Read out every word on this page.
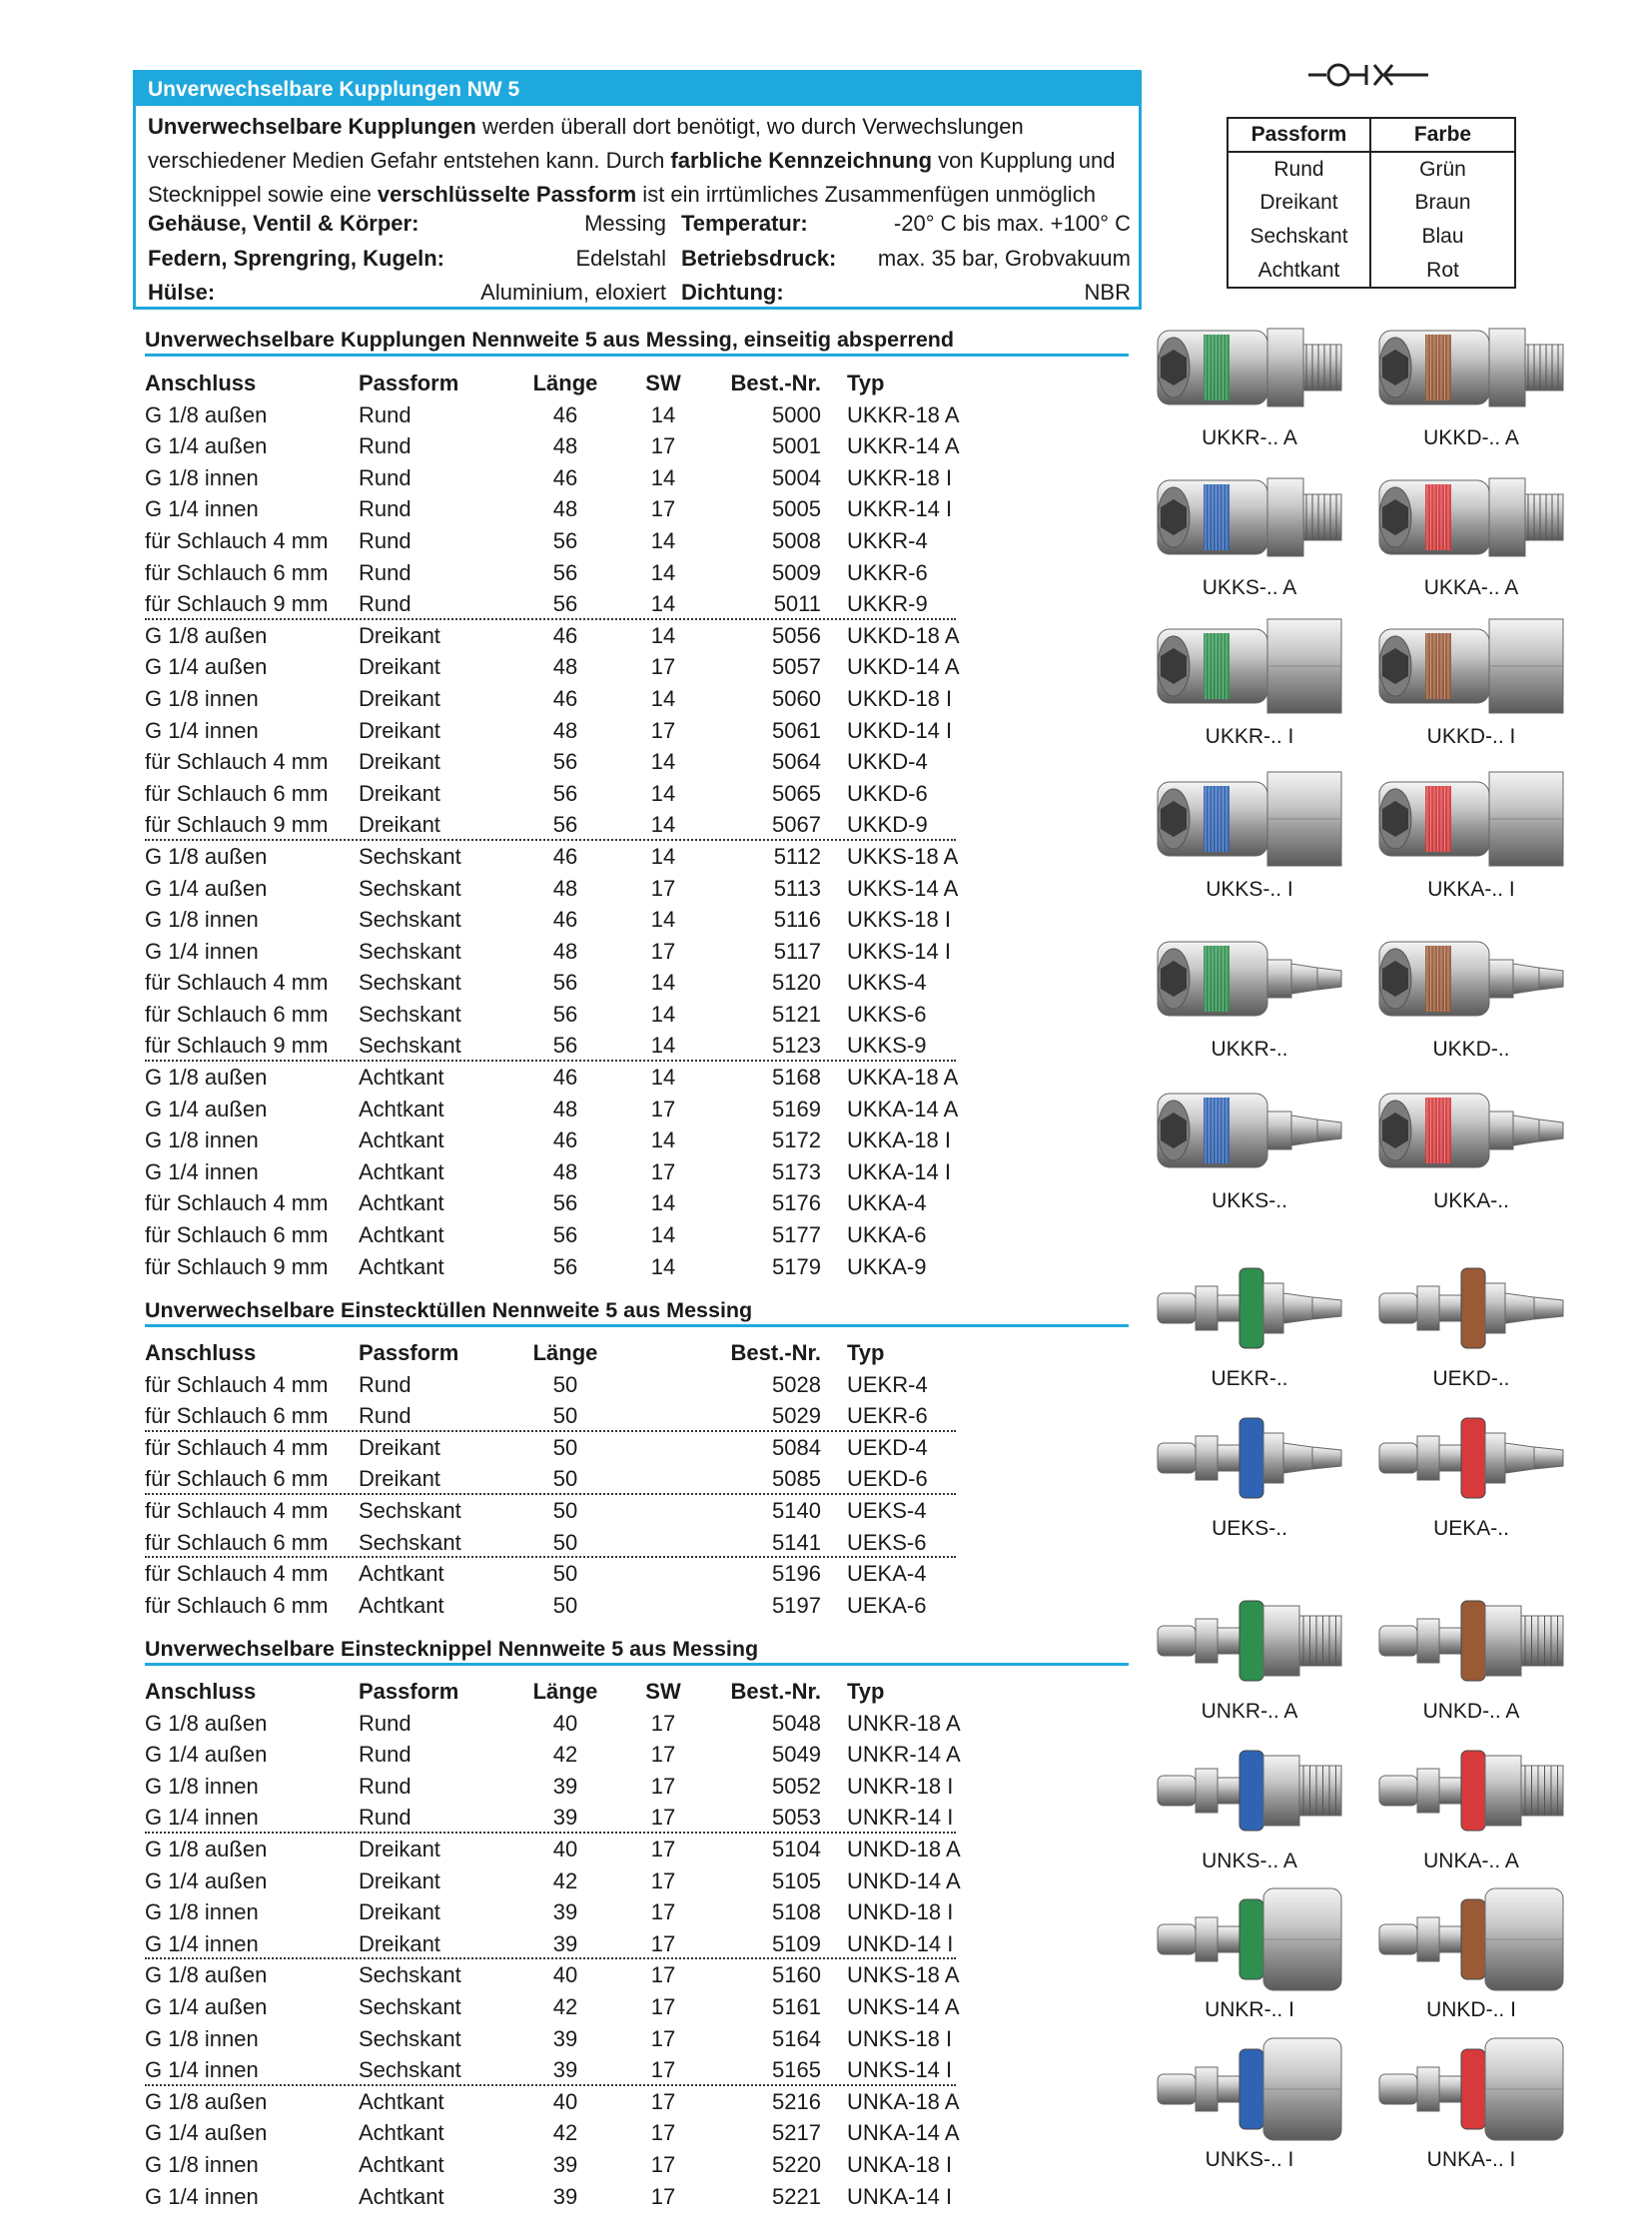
Unverwechselbare Kupplungen NW 5
Unverwechselbare Kupplungen werden überall dort benötigt, wo durch Verwechslungen verschiedener Medien Gefahr entstehen kann. Durch farbliche Kennzeichnung von Kupplung und Stecknippel sowie eine verschlüsselte Passform ist ein irrtümliches Zusammenfügen unmöglich
Gehäuse, Ventil & Körper:	Messing Temperatur:	-20° C bis max. +100° C
Federn, Sprengring, Kugeln:	Edelstahl Betriebsdruck: max. 35 bar, Grobvakuum
Hülse:	Aluminium, eloxiert Dichtung:	NBR
Passform	Farbe
Rund	Grün
Dreikant	Braun
Sechskant	Blau
Achtkant	Rot
Unverwechselbare Kupplungen Nennweite 5 aus Messing, einseitig absperrend
Unverwechselbare Einstecktüllen Nennweite 5 aus Messing
Unverwechselbare Einstecknippel Nennweite 5 aus Messing
Anschluss	Passform	Länge	SW	Best.-Nr. Typ
G 1/8 außen	Rund	46	14	5000 UKKR-18 A
G 1/4 außen	Rund	48	17	5001 UKKR-14 A
G 1/8 innen	Rund	46	14	5004 UKKR-18 I
G 1/4 innen	Rund	48	17	5005 UKKR-14 I
für Schlauch 4 mm Rund	56	14	5008 UKKR-4
für Schlauch 6 mm Rund	56	14	5009 UKKR-6
für Schlauch 9 mm Rund	56	14	5011 UKKR-9
G 1/8 außen	Dreikant	46	14	5056 UKKD-18 A
G 1/4 außen	Dreikant	48	17	5057 UKKD-14 A
G 1/8 innen	Dreikant	46	14	5060 UKKD-18 I
G 1/4 innen	Dreikant	48	17	5061 UKKD-14 I
für Schlauch 4 mm Dreikant	56	14	5064 UKKD-4
für Schlauch 6 mm Dreikant	56	14	5065 UKKD-6
für Schlauch 9 mm Dreikant	56	14	5067 UKKD-9
G 1/8 außen	Sechskant	46	14	5112 UKKS-18 A
G 1/4 außen	Sechskant	48	17	5113 UKKS-14 A
G 1/8 innen	Sechskant	46	14	5116 UKKS-18 I
G 1/4 innen	Sechskant	48	17	5117 UKKS-14 I
für Schlauch 4 mm Sechskant	56	14	5120 UKKS-4
für Schlauch 6 mm Sechskant	56	14	5121 UKKS-6
für Schlauch 9 mm Sechskant	56	14	5123 UKKS-9
G 1/8 außen	Achtkant	46	14	5168 UKKA-18 A
G 1/4 außen	Achtkant	48	17	5169 UKKA-14 A
G 1/8 innen	Achtkant	46	14	5172 UKKA-18 I
G 1/4 innen	Achtkant	48	17	5173 UKKA-14 I
für Schlauch 4 mm Achtkant	56	14	5176 UKKA-4
für Schlauch 6 mm Achtkant	56	14	5177 UKKA-6
für Schlauch 9 mm Achtkant	56	14	5179 UKKA-9
Anschluss	Passform	Länge	Best.-Nr. Typ
für Schlauch 4 mm Rund	50	5028 UEKR-4
für Schlauch 6 mm Rund	50	5029 UEKR-6
für Schlauch 4 mm Dreikant	50	5084 UEKD-4
für Schlauch 6 mm Dreikant	50	5085 UEKD-6
für Schlauch 4 mm Sechskant	50	5140 UEKS-4
für Schlauch 6 mm Sechskant	50	5141 UEKS-6
für Schlauch 4 mm Achtkant	50	5196 UEKA-4
für Schlauch 6 mm Achtkant	50	5197 UEKA-6
Anschluss	Passform	Länge	SW	Best.-Nr. Typ
G 1/8 außen	Rund	40	17	5048 UNKR-18 A
G 1/4 außen	Rund	42	17	5049 UNKR-14 A
G 1/8 innen	Rund	39	17	5052 UNKR-18 I
G 1/4 innen	Rund	39	17	5053 UNKR-14 I
G 1/8 außen	Dreikant	40	17	5104 UNKD-18 A
G 1/4 außen	Dreikant	42	17	5105 UNKD-14 A
G 1/8 innen	Dreikant	39	17	5108 UNKD-18 I
G 1/4 innen	Dreikant	39	17	5109 UNKD-14 I
G 1/8 außen	Sechskant	40	17	5160 UNKS-18 A
G 1/4 außen	Sechskant	42	17	5161 UNKS-14 A
G 1/8 innen	Sechskant	39	17	5164 UNKS-18 I
G 1/4 innen	Sechskant	39	17	5165 UNKS-14 I
G 1/8 außen	Achtkant	40	17	5216 UNKA-18 A
G 1/4 außen	Achtkant	42	17	5217 UNKA-14 A
G 1/8 innen	Achtkant	39	17	5220 UNKA-18 I
G 1/4 innen	Achtkant	39	17	5221 UNKA-14 I
UKKR-.. A	UKKD-.. A
UKKS-.. A	UKKA-.. A
UKKR-.. I	UKKD-.. I
UKKS-.. I	UKKA-.. I
UKKR-..	UKKD-..
UKKS-..	UKKA-..
UEKR-..	UEKD-..
UEKS-..	UEKA-..
UNKR-.. A	UNKD-.. A
UNKS-.. A	UNKA-.. A
UNKR-.. I	UNKD-.. I
UNKS-.. I	UNKA-.. I
